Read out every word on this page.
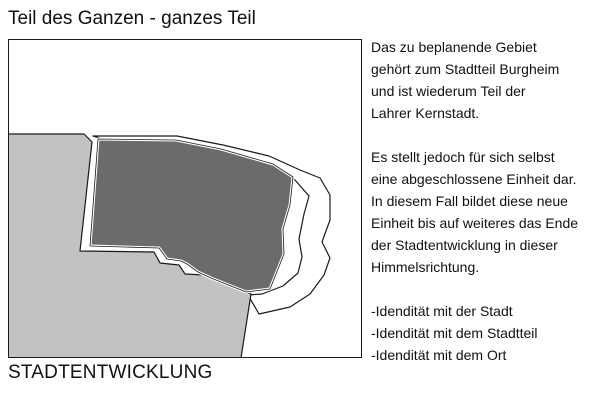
Teil des Ganzen - ganzes Teil
STADTENTWICKLUNG

Das zu beplanende Gebiet
gehört zum Stadtteil Burgheim
und ist wiederum Teil der
Lahrer Kernstadt.

Es stellt jedoch für sich selbst
eine abgeschlossene Einheit dar.
In diesem Fall bildet diese neue
Einheit bis auf weiteres das Ende
der Stadtentwicklung in dieser
Himmelsrichtung.

-Idendität mit der Stadt
-Idendität mit dem Stadtteil
-Idendität mit dem Ort
